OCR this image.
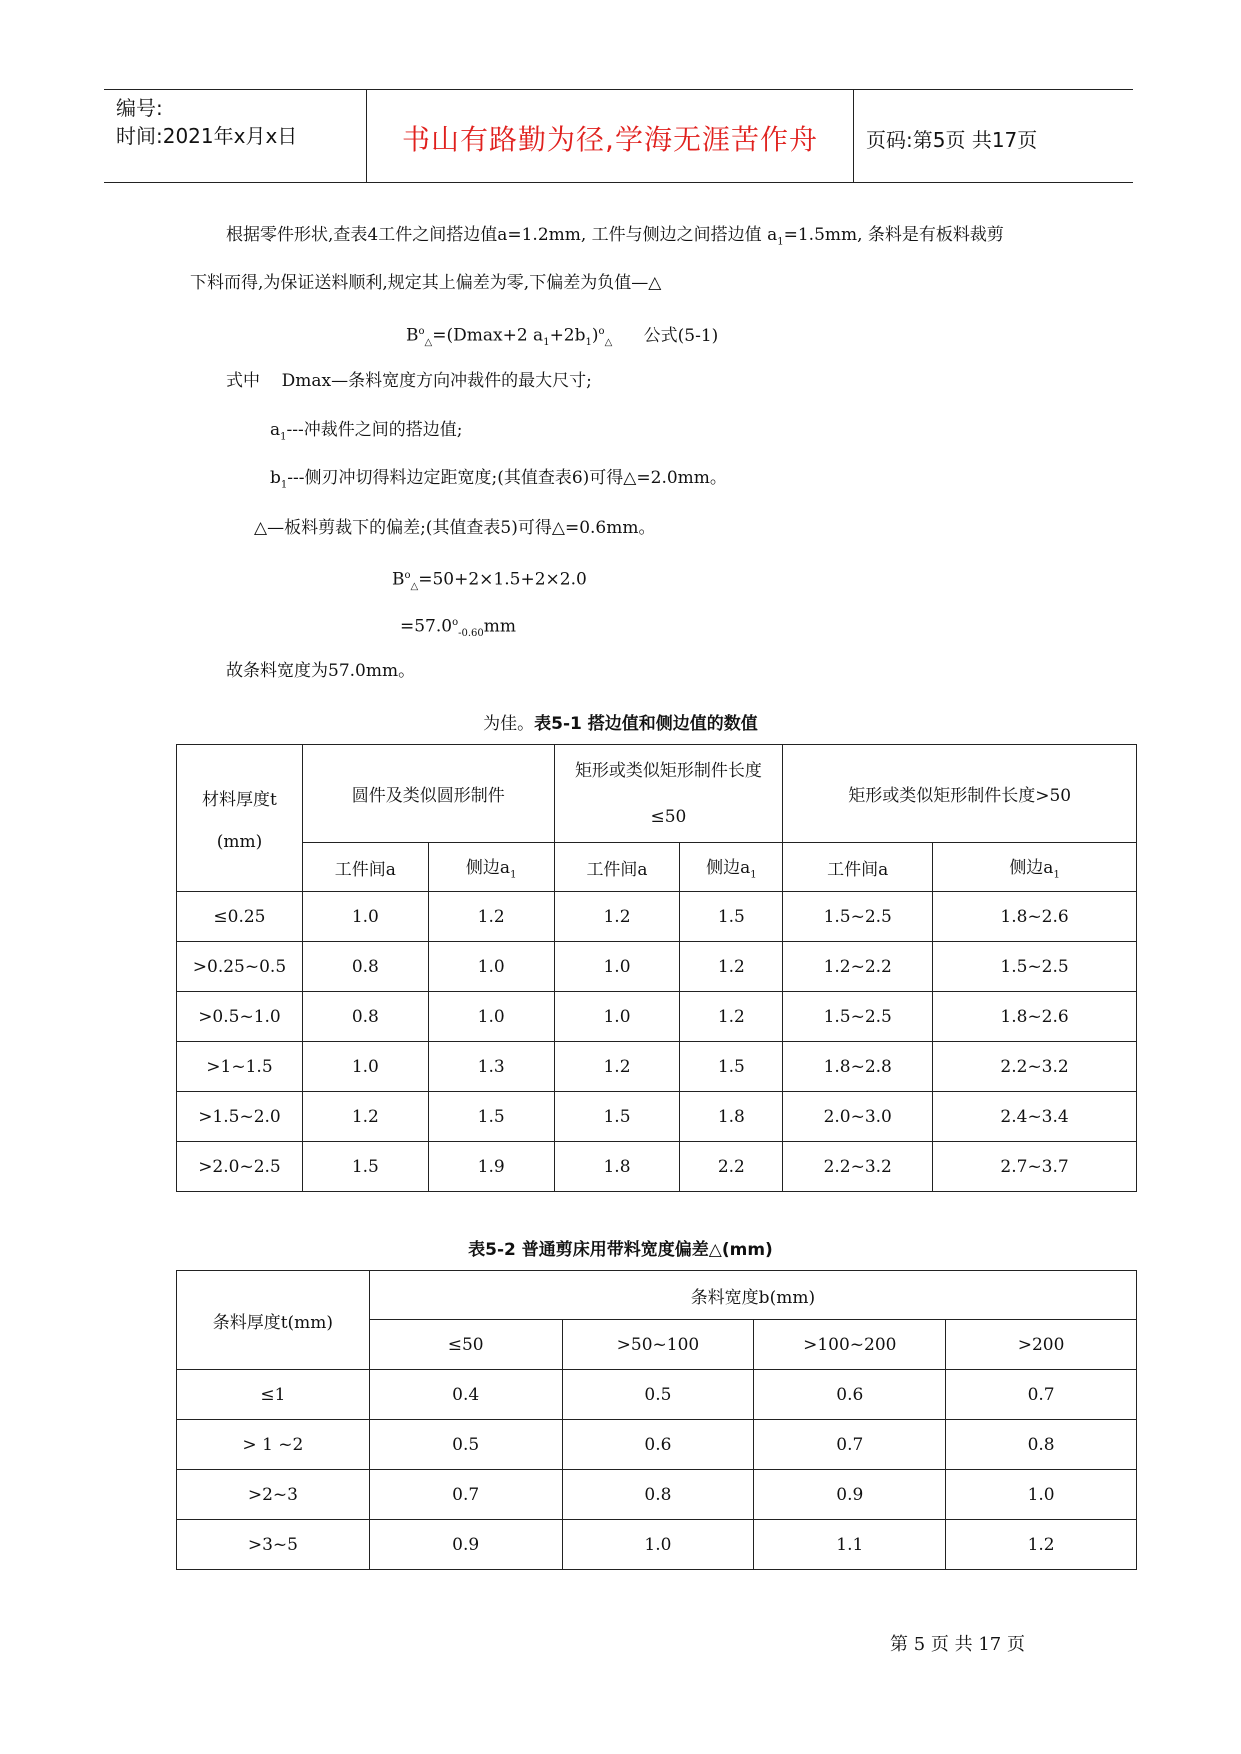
编号:
时间:2021年x月x日	书山有路勤为径,学海无涯苦作舟	页码:第5页 共17页
根据零件形状,查表4工件之间搭边值a=1.2mm, 工件与侧边之间搭边值 $a_1=1.5mm$, 条料是有板料裁剪
下料而得,为保证送料顺利,规定其上偏差为零,下偏差为负值—△
$B^o_\triangle=(Dmax+2$ $a_1+2b_1)^o_\triangle$ 公式(5-1)
式中    Dmax—条料宽度方向冲裁件的最大尺寸;
$a_1---$冲裁件之间的搭边值;
$b_1---$侧刃冲切得料边定距宽度;(其值查表6)可得△=2.0mm。
△—板料剪裁下的偏差;(其值查表5)可得△=0.6mm。
$B^o_\triangle=50+2\times 1.5+2\times 2.0$
$=57.0^o_{-0.60}mm$
故条料宽度为57.0mm。
为佳。表5-1 搭边值和侧边值的数值
材料厚度t
(mm)	圆件及类似圆形制件		矩形或类似矩形制件长度≤50		矩形或类似矩形制件长度>50	
	工件间a	侧边$a_1$	工件间a	侧边$a_1$	工件间a	侧边$a_1$
≤0.25	1.0	1.2	1.2	1.5	1.5~2.5	1.8~2.6
>0.25~0.5	0.8	1.0	1.0	1.2	1.2~2.2	1.5~2.5
>0.5~1.0	0.8	1.0	1.0	1.2	1.5~2.5	1.8~2.6
>1~1.5	1.0	1.3	1.2	1.5	1.8~2.8	2.2~3.2
>1.5~2.0	1.2	1.5	1.5	1.8	2.0~3.0	2.4~3.4
>2.0~2.5	1.5	1.9	1.8	2.2	2.2~3.2	2.7~3.7
表5-2 普通剪床用带料宽度偏差△(mm)
条料厚度t(mm)	条料宽度b(mm)			
	≤50	>50~100	>100~200	>200
≤1	0.4	0.5	0.6	0.7
> 1 ~2	0.5	0.6	0.7	0.8
>2~3	0.7	0.8	0.9	1.0
>3~5	0.9	1.0	1.1	1.2
第 5 页 共 17 页
